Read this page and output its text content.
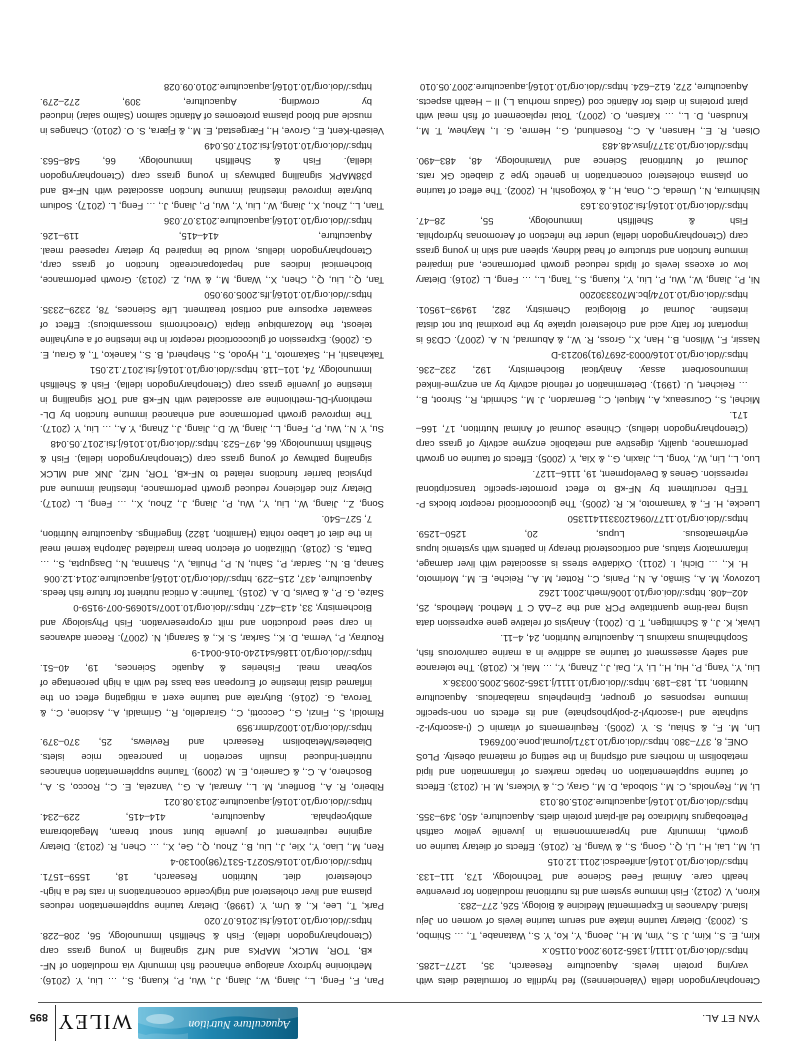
YAN ET AL.
Aquaculture Nutrition
WILEY
895

Ctenopharyngodon idella (Valenciennes)) fed hydrilla or formulated diets with varying protein levels. Aquaculture Research, 35, 1277–1285. https://doi.org/10.1111/j.1365-2109.2004.01150.x

Kim, E. S., Kim, J. S., Yim, M. H., Jeong, Y., Ko, Y. S., Watanabe, T., … Shimbo, S. (2003). Dietary taurine intake and serum taurine levels of women on Jeju Island. Advances in Experimental Medicine & Biology, 526, 277–283.

Kiron, V. (2012). Fish immune system and its nutritional modulation for preventive health care. Animal Feed Science and Technology, 173, 111–133. https://doi.org/10.1016/j.anifeedsci.2011.12.015

Li, M., Lai, H., Li, Q., Gong, S., & Wang, R. (2016). Effects of dietary taurine on growth, immunity and hyperammonemia in juvenile yellow catfish Pelteobagrus fulvidraco fed all-plant protein diets. Aquaculture, 450, 349–355. https://doi.org/10.1016/j.aquaculture.2015.08.013

Li, M., Reynolds, C. M., Sloboda, D. M., Gray, C., & Vickers, M. H. (2013). Effects of taurine supplementation on hepatic markers of inflammation and lipid metabolism in mothers and offspring in the setting of maternal obesity. PLoS ONE, 8, 377–380. https://doi.org/10.1371/journal.pone.0076961

Lin, M. F., & Shiau, S. Y. (2005). Requirements of vitamin C (l-ascorbyl-2-sulphate and l-ascorbyl-2-polyphosphate) and its effects on non-specific immune responses of grouper, Epinephelus malabaricus. Aquaculture Nutrition, 11, 183–189. https://doi.org/10.1111/j.1365-2095.2005.00336.x

Liu, Y., Yang, P., Hu, H., Li, Y., Dai, J., Zhang, Y., … Mai, K. (2018). The tolerance and safety assessment of taurine as additive in a marine carnivorous fish, Scophthalmus maximus L. Aquaculture Nutrition, 24, 4–11.

Livak, K. J., & Schmittgen, T. D. (2001). Analysis of relative gene expression data using real-time quantitative PCR and the 2−ΔΔ C T Method. Methods, 25, 402–408. https://doi.org/10.1006/meth.2001.1262

Lozovoy, M. A., Simão, A. N., Panis, C., Rotter, M. A., Reiche, E. M., Morimoto, H. K., … Dichi, I. (2011). Oxidative stress is associated with liver damage, inflammatory status, and corticosteroid therapy in patients with systemic lupus erythematosus. Lupus, 20, 1250–1259. https://doi.org/10.1177/0961203311411350

Luecke, H. F., & Yamamoto, K. R. (2005). The glucocorticoid receptor blocks P-TEFb recruitment by NF-κB to effect promoter-specific transcriptional repression. Genes & Development, 19, 1116–1127.

Luo, L., Lin, W., Yong, L., Jiaxin, G., & Xia, Y. (2005). Effects of taurine on growth performance, quality, digestive and metabolic enzyme activity of grass carp (Ctenopharyngodon idellus). Chinese Journal of Animal Nutrition, 17, 166–171.

Michel, S., Courseaux, A., Miquel, C., Bernardon, J. M., Schmidt, R., Shroot, B., … Reichert, U. (1991). Determination of retinoid activity by an enzyme-linked immunosorbent assay. Analytical Biochemistry, 192, 232–236. https://doi.org/10.1016/0003-2697(91)90213-D

Nassir, F., Wilson, B., Han, X., Gross, R. W., & Abumrad, N. A. (2007). CD36 is important for fatty acid and cholesterol uptake by the proximal but not distal intestine. Journal of Biological Chemistry, 282, 19493–19501. https://doi.org/10.1074/jbc.M703330200

Ni, P., Jiang, W., Wu, P., Liu, Y., Kuang, S., Tang, L., … Feng, L. (2016). Dietary low or excess levels of lipids reduced growth performance, and impaired immune function and structure of head kidney, spleen and skin in young grass carp (Ctenopharyngodon idella) under the infection of Aeromonas hydrophila. Fish & Shellfish Immunology, 55, 28–47. https://doi.org/10.1016/j.fsi.2016.03.163

Nishimura, N., Umeda, C., Ona, H., & Yokogoshi, H. (2002). The effect of taurine on plasma cholesterol concentration in genetic type 2 diabetic GK rats. Journal of Nutritional Science and Vitaminology, 48, 483–490. https://doi.org/10.3177/jnsv.48.483

Olsen, R. E., Hansen, A. C., Rosenlund, G., Hemre, G. I., Mayhew, T. M., Knudsen, D. L., … Karlsen, O. (2007). Total replacement of fish meal with plant proteins in diets for Atlantic cod (Gadus morhua L.) II – Health aspects. Aquaculture, 272, 612–624. https://doi.org/10.1016/j.aquaculture.2007.05.010

Pan, F., Feng, L., Jiang, W., Jiang, J., Wu, P., Kuang, S., … Liu, Y. (2016). Methionine hydroxy analogue enhanced fish immunity via modulation of NF-κB, TOR, MLCK, MAPKs and Nrf2 signaling in young grass carp (Ctenopharyngodon idella). Fish & Shellfish Immunology, 56, 208–228. https://doi.org/10.1016/j.fsi.2016.07.020

Park, T., Lee, K., & Um, Y. (1998). Dietary taurine supplementation reduces plasma and liver cholesterol and triglyceride concentrations in rats fed a high-cholesterol diet. Nutrition Research, 18, 1559–1571. https://doi.org/10.1016/S0271-5317(98)00130-4

Ren, M., Liao, Y., Xie, J., Liu, B., Zhou, Q., Ge, X., … Chen, R. (2013). Dietary arginine requirement of juvenile blunt snout bream, Megalobrama amblycephala. Aquaculture, 414–415, 229–234. https://doi.org/10.1016/j.aquaculture.2013.08.021

Ribeiro, R. A., Bonfleur, M. L., Amaral, A. G., Vanzela, E. C., Rocco, S. A., Boschero, A. C., & Carneiro, E. M. (2009). Taurine supplementation enhances nutrient-induced insulin secretion in pancreatic mice islets. Diabetes/Metabolism Research and Reviews, 25, 370–379. https://doi.org/10.1002/dmrr.959

Rimoldi, S., Finzi, G., Ceccotti, C., Girardello, R., Grimaldi, A., Ascione, C., & Terova, G. (2016). Butyrate and taurine exert a mitigating effect on the inflamed distal intestine of European sea bass fed with a high percentage of soybean meal. Fisheries & Aquatic Sciences, 19, 40–51. https://doi.org/10.1186/s41240-016-0041-9

Routray, P., Verma, D. K., Sarkar, S. K., & Sarangi, N. (2007). Recent advances in carp seed production and milt cryopreservation. Fish Physiology and Biochemistry, 33, 413–427. https://doi.org/10.1007/s10695-007-9159-0

Salze, G. P., & Davis, D. A. (2015). Taurine: A critical nutrient for future fish feeds. Aquaculture, 437, 215–229. https://doi.org/10.1016/j.aquaculture.2014.12.006

Sanap, B. N., Sardar, P., Sahu, N. P., Phulia, V., Shamna, N., Dasgupta, S., … Datta, S. (2018). Utilization of electron beam irradiated Jatropha kernel meal in the diet of Labeo rohita (Hamilton, 1822) fingerlings. Aquaculture Nutrition, 7, 527–540.

Song, Z., Jiang, W., Liu, Y., Wu, P., Jiang, J., Zhou, X., … Feng, L. (2017). Dietary zinc deficiency reduced growth performance, intestinal immune and physical barrier functions related to NF-κB, TOR, Nrf2, JNK and MLCK signaling pathway of young grass carp (Ctenopharyngodon idella). Fish & Shellfish Immunology, 66, 497–523. https://doi.org/10.1016/j.fsi.2017.05.048

Su, Y. N., Wu, P., Feng, L., Jiang, W. D., Jiang, J., Zhang, Y. A., … Liu, Y. (2017). The improved growth performance and enhanced immune function by DL-methionyl-DL-methionine are associated with NF-κB and TOR signalling in intestine of juvenile grass carp (Ctenopharyngodon idella). Fish & Shellfish Immunology, 74, 101–118. https://doi.org/10.1016/j.fsi.2017.12.051

Takahashi, H., Sakamoto, T., Hyodo, S., Shepherd, B. S., Kaneko, T., & Grau, E. G. (2006). Expression of glucocorticoid receptor in the intestine of a euryhaline teleost, the Mozambique tilapia (Oreochromis mossambicus): Effect of seawater exposure and cortisol treatment. Life Sciences, 78, 2329–2335. https://doi.org/10.1016/j.lfs.2005.09.050

Tan, Q., Liu, Q., Chen, X., Wang, M., & Wu, Z. (2013). Growth performance, biochemical indices and hepatopancreatic function of grass carp, Ctenopharyngodon idellus, would be impaired by dietary rapeseed meal. Aquaculture, 414–415, 119–126. https://doi.org/10.1016/j.aquaculture.2013.07.036

Tian, L., Zhou, X., Jiang, W., Liu, Y., Wu, P., Jiang, J., … Feng, L. (2017). Sodium butyrate improved intestinal immune function associated with NF-κB and p38MAPK signalling pathways in young grass carp (Ctenopharyngodon idella). Fish & Shellfish Immunology, 66, 548–563. https://doi.org/10.1016/j.fsi.2017.05.049

Veiseth-Kent, E., Grove, H., Færgestad, E. M., & Fjæra, S. O. (2010). Changes in muscle and blood plasma proteomes of Atlantic salmon (Salmo salar) induced by crowding. Aquaculture, 309, 272–279. https://doi.org/10.1016/j.aquaculture.2010.09.028
